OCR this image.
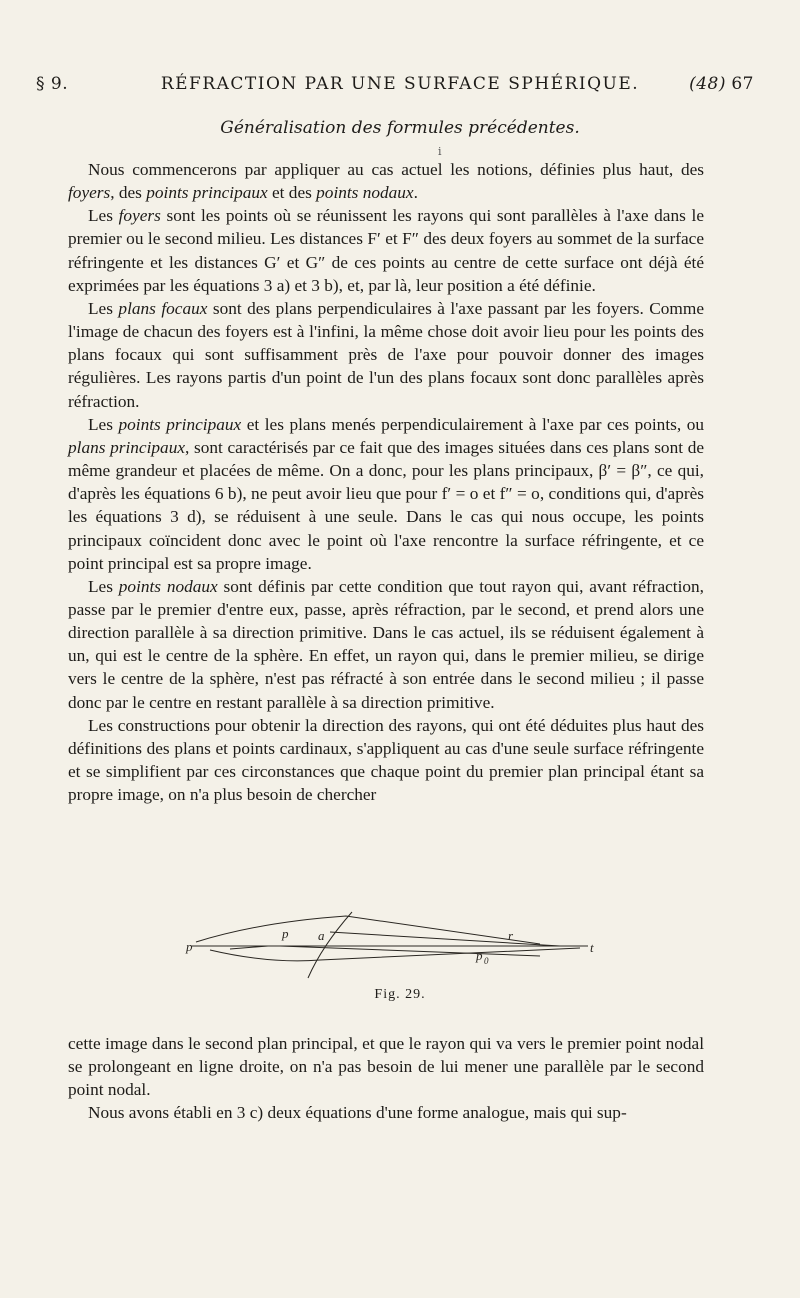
§ 9.	RÉFRACTION PAR UNE SURFACE SPHÉRIQUE.	(48) 67
Généralisation des formules précédentes.
i

Nous commencerons par appliquer au cas actuel les notions, définies plus haut, des foyers, des points principaux et des points nodaux.

Les foyers sont les points où se réunissent les rayons qui sont parallèles à l'axe dans le premier ou le second milieu. Les distances F′ et F″ des deux foyers au sommet de la surface réfringente et les distances G′ et G″ de ces points au centre de cette surface ont déjà été exprimées par les équations 3 a) et 3 b), et, par là, leur position a été définie.

Les plans focaux sont des plans perpendiculaires à l'axe passant par les foyers. Comme l'image de chacun des foyers est à l'infini, la même chose doit avoir lieu pour les points des plans focaux qui sont suffisamment près de l'axe pour pouvoir donner des images régulières. Les rayons partis d'un point de l'un des plans focaux sont donc parallèles après réfraction.

Les points principaux et les plans menés perpendiculairement à l'axe par ces points, ou plans principaux, sont caractérisés par ce fait que des images situées dans ces plans sont de même grandeur et placées de même. On a donc, pour les plans principaux, β′ = β″, ce qui, d'après les équations 6 b), ne peut avoir lieu que pour f′ = o et f″ = o, conditions qui, d'après les équations 3 d), se réduisent à une seule. Dans le cas qui nous occupe, les points principaux coïncident donc avec le point où l'axe rencontre la surface réfringente, et ce point principal est sa propre image.

Les points nodaux sont définis par cette condition que tout rayon qui, avant réfraction, passe par le premier d'entre eux, passe, après réfraction, par le second, et prend alors une direction parallèle à sa direction primitive. Dans le cas actuel, ils se réduisent également à un, qui est le centre de la sphère. En effet, un rayon qui, dans le premier milieu, se dirige vers le centre de la sphère, n'est pas réfracté à son entrée dans le second milieu ; il passe donc par le centre en restant parallèle à sa direction primitive.

Les constructions pour obtenir la direction des rayons, qui ont été déduites plus haut des définitions des plans et points cardinaux, s'appliquent au cas d'une seule surface réfringente et se simplifient par ces circonstances que chaque point du premier plan principal étant sa propre image, on n'a plus besoin de chercher

p
p a	r
p 0
t
Fig. 29.

cette image dans le second plan principal, et que le rayon qui va vers le premier point nodal se prolongeant en ligne droite, on n'a pas besoin de lui mener une parallèle par le second point nodal.

Nous avons établi en 3 c) deux équations d'une forme analogue, mais qui sup-
